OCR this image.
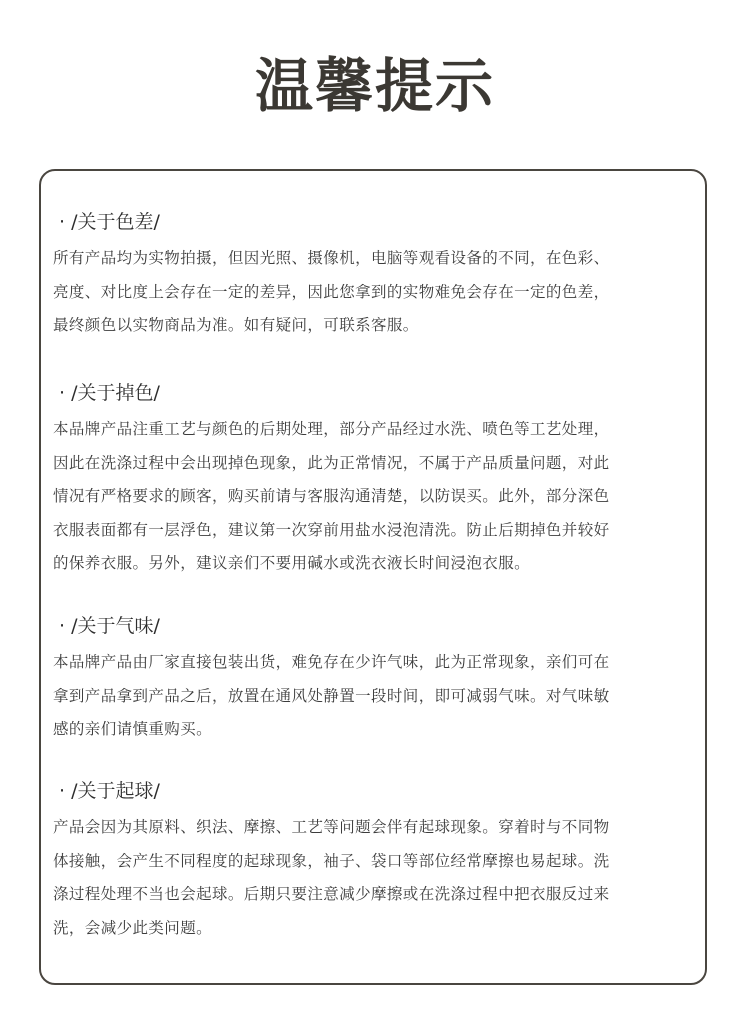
温馨提示
· /关于色差/
所有产品均为实物拍摄，但因光照、摄像机，电脑等观看设备的不同，在色彩、
亮度、对比度上会存在一定的差异，因此您拿到的实物难免会存在一定的色差，
最终颜色以实物商品为准。如有疑问，可联系客服。
· /关于掉色/
本品牌产品注重工艺与颜色的后期处理，部分产品经过水洗、喷色等工艺处理，
因此在洗涤过程中会出现掉色现象，此为正常情况，不属于产品质量问题，对此
情况有严格要求的顾客，购买前请与客服沟通清楚，以防误买。此外，部分深色
衣服表面都有一层浮色，建议第一次穿前用盐水浸泡清洗。防止后期掉色并较好
的保养衣服。另外，建议亲们不要用碱水或洗衣液长时间浸泡衣服。
· /关于气味/
本品牌产品由厂家直接包装出货，难免存在少许气味，此为正常现象，亲们可在
拿到产品拿到产品之后，放置在通风处静置一段时间，即可减弱气味。对气味敏
感的亲们请慎重购买。
· /关于起球/
产品会因为其原料、织法、摩擦、工艺等问题会伴有起球现象。穿着时与不同物
体接触，会产生不同程度的起球现象，袖子、袋口等部位经常摩擦也易起球。洗
涤过程处理不当也会起球。后期只要注意减少摩擦或在洗涤过程中把衣服反过来
洗，会减少此类问题。
